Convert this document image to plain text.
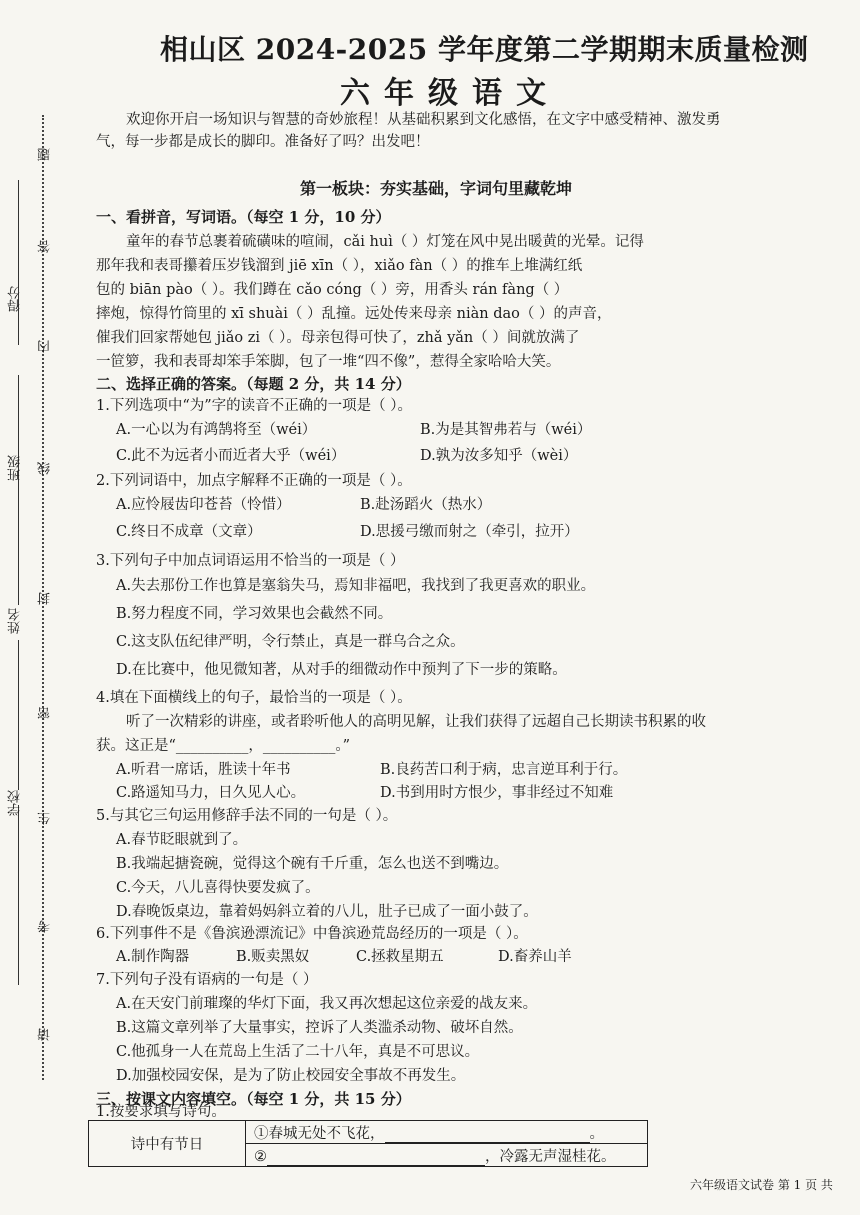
题
答
内
线
封
密
生
考
请
得分
班级
姓名
学校
相山区 2024-2025 学年度第二学期期末质量检测
六年级语文
欢迎你开启一场知识与智慧的奇妙旅程！从基础积累到文化感悟，在文字中感受精神、激发勇
气，每一步都是成长的脚印。准备好了吗？出发吧！
第一板块：夯实基础，字词句里藏乾坤
一、看拼音，写词语。（每空 1 分，10 分）
童年的春节总裹着硫磺味的喧闹，cǎi huì（ ）灯笼在风中晃出暖黄的光晕。记得
那年我和表哥攥着压岁钱溜到 jiē xīn（ ），xiǎo fàn（ ）的推车上堆满红纸
包的 biān pào（ ）。我们蹲在 cǎo cóng（ ）旁，用香头 rán fàng（ ）
摔炮，惊得竹筒里的 xī shuài（ ）乱撞。远处传来母亲 niàn dao（ ）的声音，
催我们回家帮她包 jiǎo zi（ ）。母亲包得可快了，zhǎ yǎn（ ）间就放满了
一笸箩，我和表哥却笨手笨脚，包了一堆“四不像”，惹得全家哈哈大笑。
二、选择正确的答案。（每题 2 分，共 14 分）
1.下列选项中“为”字的读音不正确的一项是（ ）。
A.一心以为有鸿鹄将至（wéi）	B.为是其智弗若与（wéi）
C.此不为远者小而近者大乎（wéi）	D.孰为汝多知乎（wèi）
2.下列词语中，加点字解释不正确的一项是（ ）。
A.应怜屐齿印苍苔（怜惜）	B.赴汤蹈火（热水）
C.终日不成章（文章）	D.思援弓缴而射之（牵引，拉开）
3.下列句子中加点词语运用不恰当的一项是（ ）
A.失去那份工作也算是塞翁失马，焉知非福吧，我找到了我更喜欢的职业。
B.努力程度不同，学习效果也会截然不同。
C.这支队伍纪律严明，令行禁止，真是一群乌合之众。
D.在比赛中，他见微知著，从对手的细微动作中预判了下一步的策略。
4.填在下面横线上的句子，最恰当的一项是（ ）。
听了一次精彩的讲座，或者聆听他人的高明见解，让我们获得了远超自己长期读书积累的收
获。这正是“__________，__________。”
A.听君一席话，胜读十年书	B.良药苦口利于病，忠言逆耳利于行。
C.路遥知马力，日久见人心。	D.书到用时方恨少，事非经过不知难
5.与其它三句运用修辞手法不同的一句是（ ）。
A.春节眨眼就到了。
B.我端起搪瓷碗，觉得这个碗有千斤重，怎么也送不到嘴边。
C.今天，八儿喜得快要发疯了。
D.春晚饭桌边，靠着妈妈斜立着的八儿，肚子已成了一面小鼓了。
6.下列事件不是《鲁滨逊漂流记》中鲁滨逊荒岛经历的一项是（ ）。
A.制作陶器	B.贩卖黑奴	C.拯救星期五	D.畜养山羊
7.下列句子没有语病的一句是（ ）
A.在天安门前璀璨的华灯下面，我又再次想起这位亲爱的战友来。
B.这篇文章列举了大量事实，控诉了人类滥杀动物、破坏自然。
C.他孤身一人在荒岛上生活了二十八年，真是不可思议。
D.加强校园安保，是为了防止校园安全事故不再发生。
三、按课文内容填空。（每空 1 分，共 15 分）
1.按要求填写诗句。
诗中有节日	①春城无处不飞花，	。
②	，冷露无声湿桂花。
六年级语文试卷 第 1 页 共
